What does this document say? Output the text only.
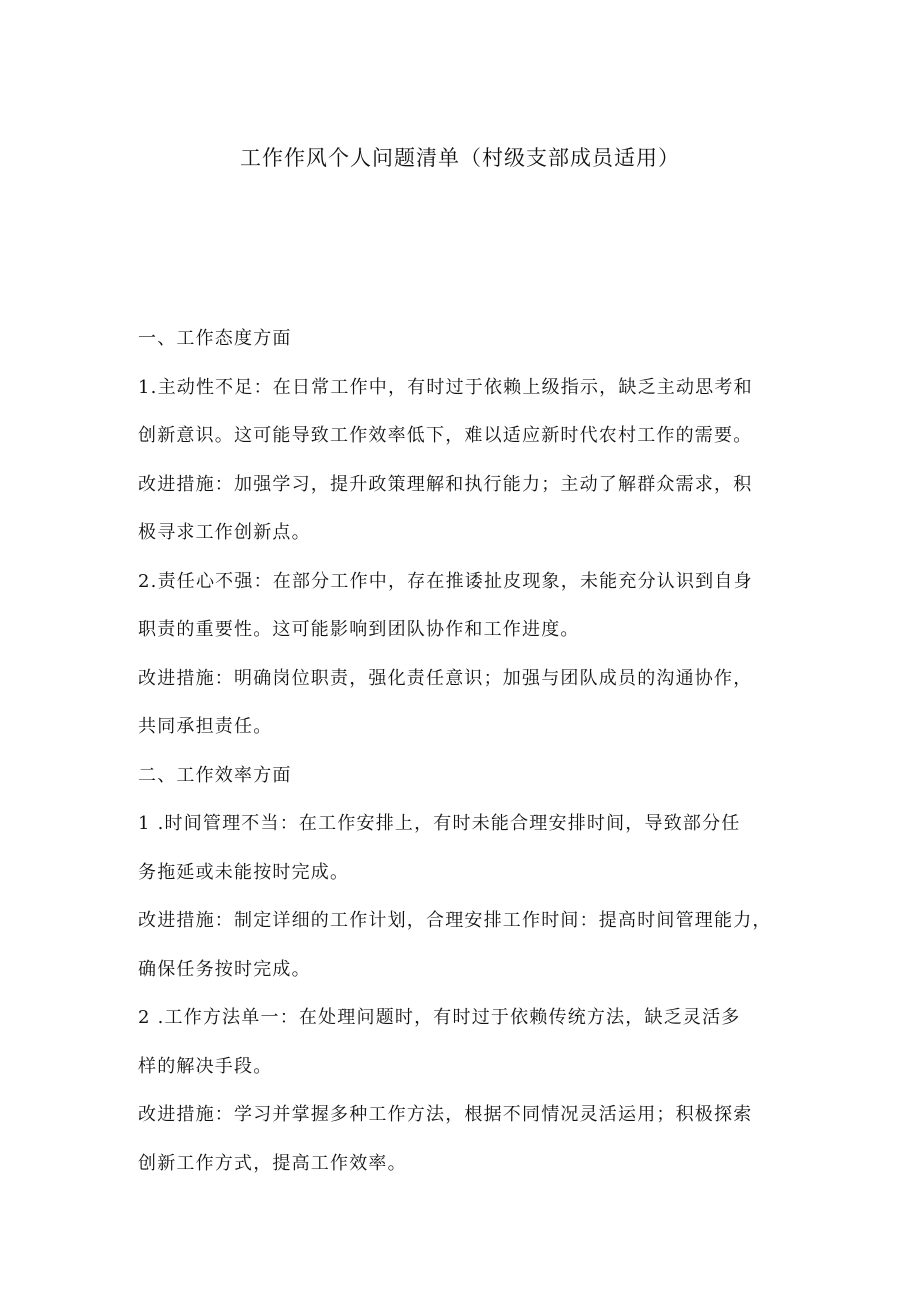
工作作风个人问题清单（村级支部成员适用）
一、工作态度方面
1.主动性不足：在日常工作中，有时过于依赖上级指示，缺乏主动思考和
创新意识。这可能导致工作效率低下，难以适应新时代农村工作的需要。
改进措施：加强学习，提升政策理解和执行能力；主动了解群众需求，积
极寻求工作创新点。
2.责任心不强：在部分工作中，存在推诿扯皮现象，未能充分认识到自身
职责的重要性。这可能影响到团队协作和工作进度。
改进措施：明确岗位职责，强化责任意识；加强与团队成员的沟通协作，
共同承担责任。
二、工作效率方面
1 .时间管理不当：在工作安排上，有时未能合理安排时间，导致部分任
务拖延或未能按时完成。
改进措施：制定详细的工作计划，合理安排工作时间：提高时间管理能力，
确保任务按时完成。
2 .工作方法单一：在处理问题时，有时过于依赖传统方法，缺乏灵活多
样的解决手段。
改进措施：学习并掌握多种工作方法，根据不同情况灵活运用；积极探索
创新工作方式，提高工作效率。
